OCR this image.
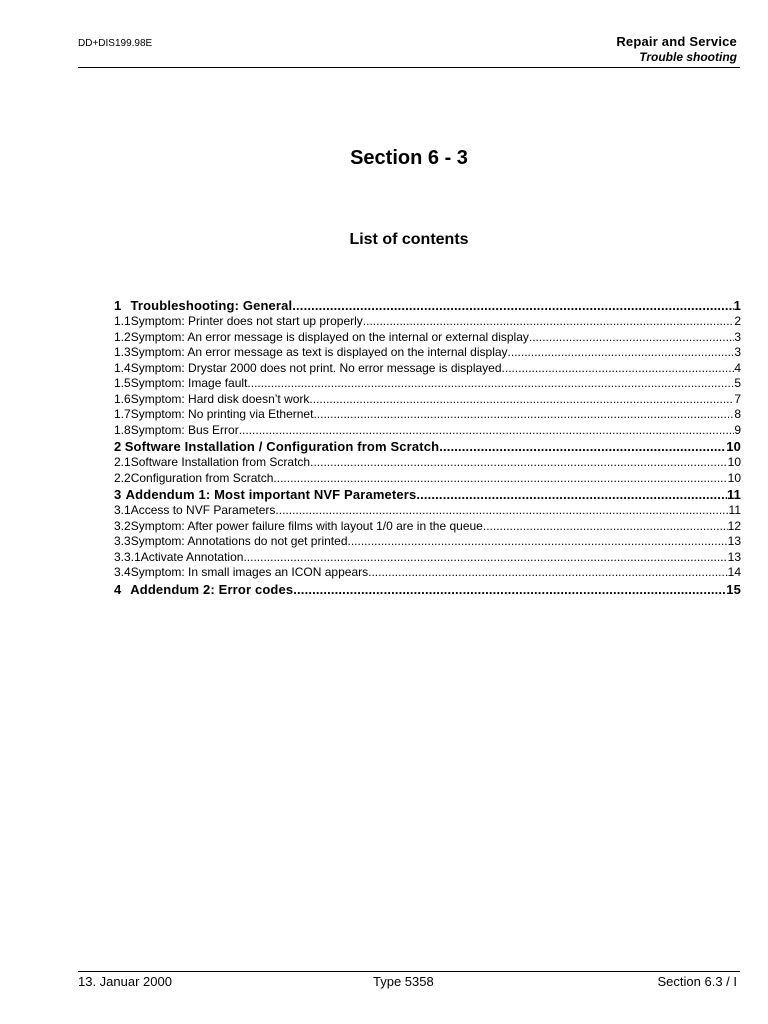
DD+DIS199.98E	Repair and Service
Trouble shooting
Section 6 - 3
List of contents
1 Troubleshooting: General .....	1
1.1 Symptom: Printer does not start up properly .....	2
1.2 Symptom: An error message is displayed on the internal or external display .....	3
1.3 Symptom: An error message as text is displayed on the internal display .....	3
1.4 Symptom: Drystar 2000 does not print. No error message is displayed. .....	4
1.5 Symptom: Image fault .....	5
1.6 Symptom: Hard disk doesn’t work .....	7
1.7 Symptom: No printing via Ethernet .....	8
1.8 Symptom: Bus Error .....	9
2 Software Installation / Configuration from Scratch .....	10
2.1 Software Installation from Scratch .....	10
2.2 Configuration from Scratch .....	10
3 Addendum 1: Most important NVF Parameters .....	11
3.1 Access to NVF Parameters .....	11
3.2 Symptom: After power failure films with layout 1/0 are in the queue .....	12
3.3 Symptom: Annotations do not get printed .....	13
3.3.1 Activate Annotation .....	13
3.4 Symptom: In small images an ICON appears .....	14
4 Addendum 2: Error codes .....	15
13. Januar 2000	Type 5358	Section 6.3 / I
